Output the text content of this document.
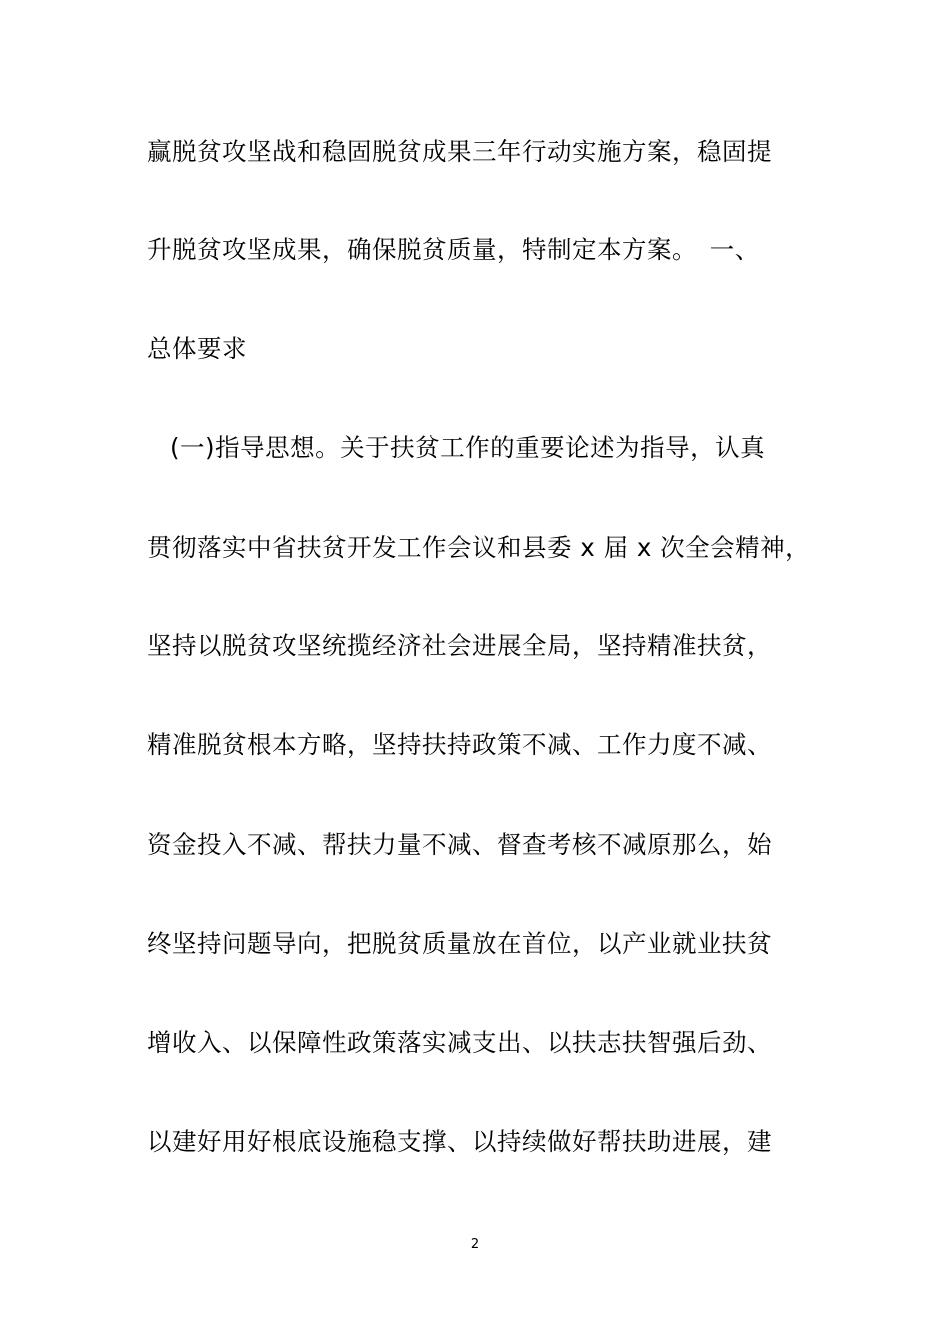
赢脱贫攻坚战和稳固脱贫成果三年行动实施方案，稳固提
升脱贫攻坚成果，确保脱贫质量，特制定本方案。　一、
总体要求
(一)指导思想。关于扶贫工作的重要论述为指导，认真
贯彻落实中省扶贫开发工作会议和县委 x 届 x 次全会精神，
坚持以脱贫攻坚统揽经济社会进展全局，坚持精准扶贫，
精准脱贫根本方略，坚持扶持政策不减、工作力度不减、
资金投入不减、帮扶力量不减、督查考核不减原那么，始
终坚持问题导向，把脱贫质量放在首位，以产业就业扶贫
增收入、以保障性政策落实减支出、以扶志扶智强后劲、
以建好用好根底设施稳支撑、以持续做好帮扶助进展，建
2
